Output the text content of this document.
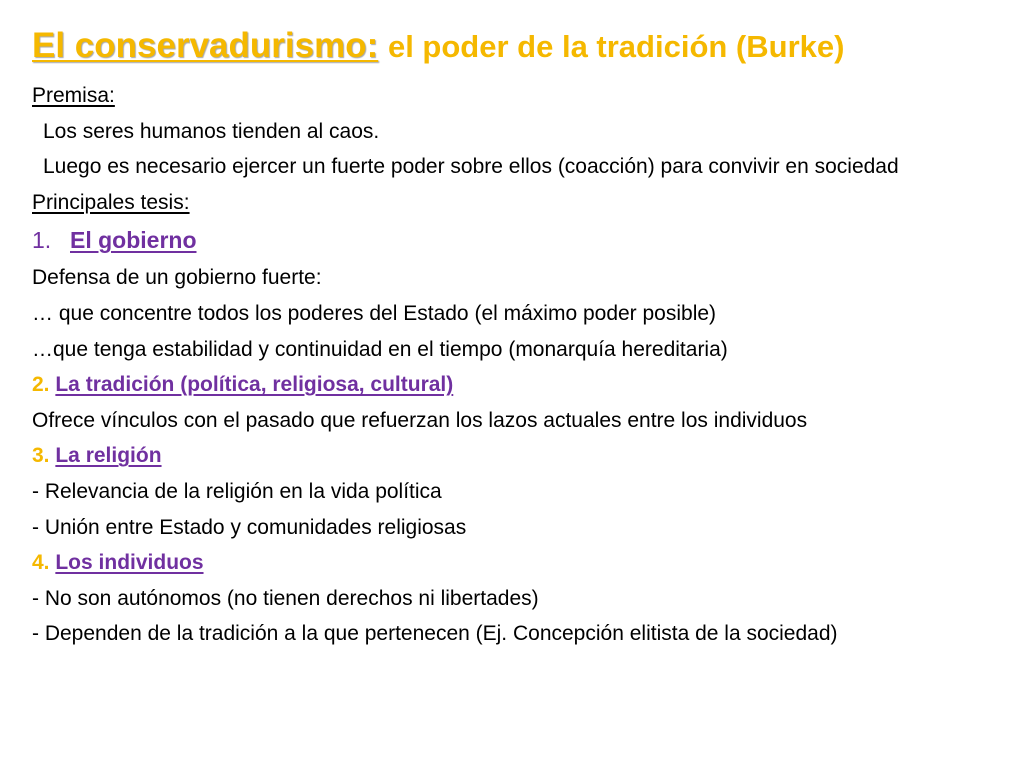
El conservadurismo: el poder de la tradición (Burke)
Premisa:
Los seres humanos tienden al caos.
Luego es necesario ejercer un fuerte poder sobre ellos (coacción) para convivir en sociedad
Principales tesis:
1. El gobierno
Defensa de un gobierno fuerte:
… que concentre todos los poderes del Estado (el máximo poder posible)
…que tenga estabilidad y continuidad en el tiempo (monarquía hereditaria)
2. La tradición (política, religiosa, cultural)
Ofrece vínculos con el pasado que refuerzan los lazos actuales entre los individuos
3. La religión
- Relevancia de la religión en la vida política
- Unión entre Estado y comunidades religiosas
4. Los individuos
- No son autónomos (no tienen derechos ni libertades)
- Dependen de la tradición a la que pertenecen (Ej. Concepción elitista de la sociedad)
